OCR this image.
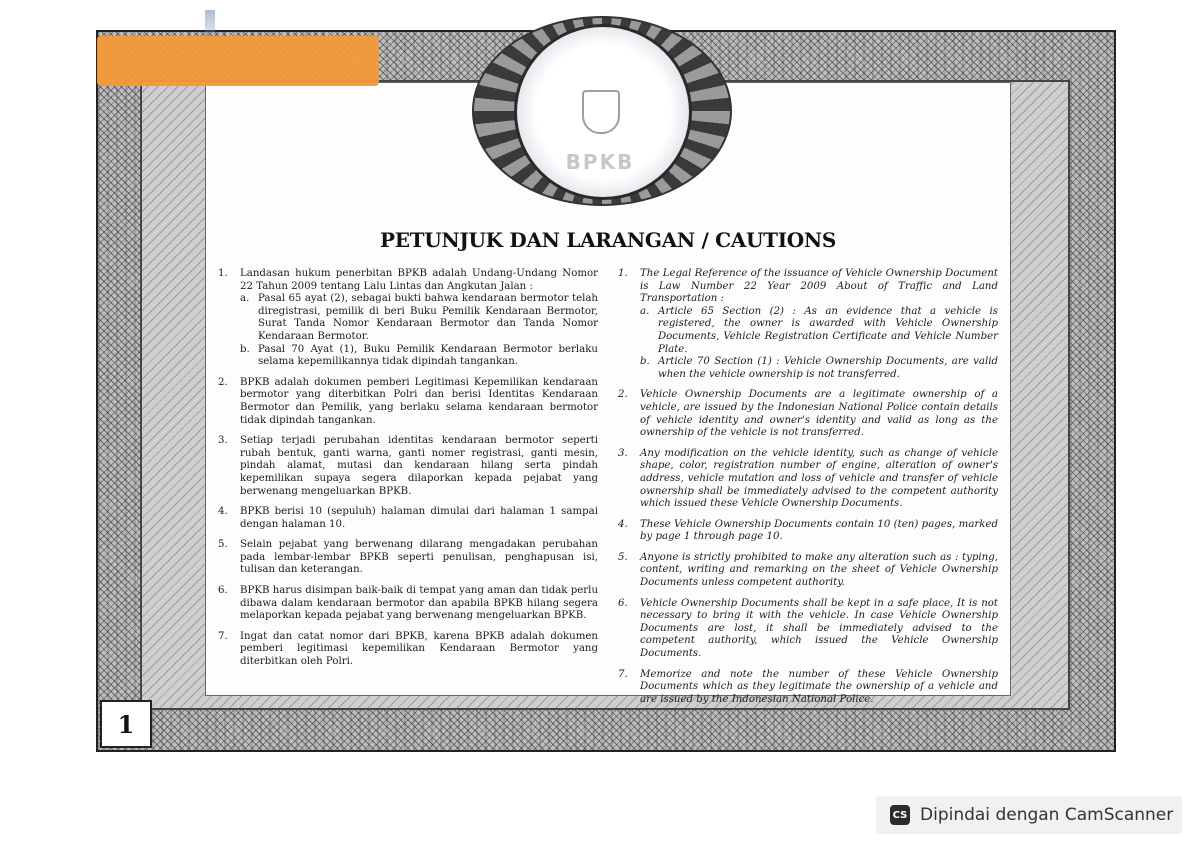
BPKB
PETUNJUK DAN LARANGAN / CAUTIONS
1. Landasan hukum penerbitan BPKB adalah Undang-Undang Nomor 22 Tahun 2009 tentang Lalu Lintas dan Angkutan Jalan :
a. Pasal 65 ayat (2), sebagai bukti bahwa kendaraan bermotor telah diregistrasi, pemilik di beri Buku Pemilik Kendaraan Bermotor, Surat Tanda Nomor Kendaraan Bermotor dan Tanda Nomor Kendaraan Bermotor.
b. Pasal 70 Ayat (1), Buku Pemilik Kendaraan Bermotor berlaku selama kepemilikannya tidak dipindah tangankan.
2. BPKB adalah dokumen pemberi Legitimasi Kepemilikan kendaraan bermotor yang diterbitkan Polri dan berisi Identitas Kendaraan Bermotor dan Pemilik, yang berlaku selama kendaraan bermotor tidak dipindah tangankan.
3. Setiap terjadi perubahan identitas kendaraan bermotor seperti rubah bentuk, ganti warna, ganti nomer registrasi, ganti mesin, pindah alamat, mutasi dan kendaraan hilang serta pindah kepemilikan supaya segera dilaporkan kepada pejabat yang berwenang mengeluarkan BPKB.
4. BPKB berisi 10 (sepuluh) halaman dimulai dari halaman 1 sampai dengan halaman 10.
5. Selain pejabat yang berwenang dilarang mengadakan perubahan pada lembar-lembar BPKB seperti penulisan, penghapusan isi, tulisan dan keterangan.
6. BPKB harus disimpan baik-baik di tempat yang aman dan tidak perlu dibawa dalam kendaraan bermotor dan apabila BPKB hilang segera melaporkan kepada pejabat yang berwenang mengeluarkan BPKB.
7. Ingat dan catat nomor dari BPKB, karena BPKB adalah dokumen pemberi legitimasi kepemilikan Kendaraan Bermotor yang diterbitkan oleh Polri.
1. The Legal Reference of the issuance of Vehicle Ownership Document is Law Number 22 Year 2009 About of Traffic and Land Transportation :
a. Article 65 Section (2) : As an evidence that a vehicle is registered, the owner is awarded with Vehicle Ownership Documents, Vehicle Registration Certificate and Vehicle Number Plate.
b. Article 70 Section (1) : Vehicle Ownership Documents, are valid when the vehicle ownership is not transferred.
2. Vehicle Ownership Documents are a legitimate ownership of a vehicle, are issued by the Indonesian National Police contain details of vehicle identity and owner's identity and valid as long as the ownership of the vehicle is not transferred.
3. Any modification on the vehicle identity, such as change of vehicle shape, color, registration number of engine, alteration of owner's address, vehicle mutation and loss of vehicle and transfer of vehicle ownership shall be immediately advised to the competent authority which issued these Vehicle Ownership Documents.
4. These Vehicle Ownership Documents contain 10 (ten) pages, marked by page 1 through page 10.
5. Anyone is strictly prohibited to make any alteration such as : typing, content, writing and remarking on the sheet of Vehicle Ownership Documents unless competent authority.
6. Vehicle Ownership Documents shall be kept in a safe place, It is not necessary to bring it with the vehicle. In case Vehicle Ownership Documents are lost, it shall be immediately advised to the competent authority, which issued the Vehicle Ownership Documents.
7. Memorize and note the number of these Vehicle Ownership Documents which as they legitimate the ownership of a vehicle and are issued by the Indonesian National Police.
1
CS Dipindai dengan CamScanner
